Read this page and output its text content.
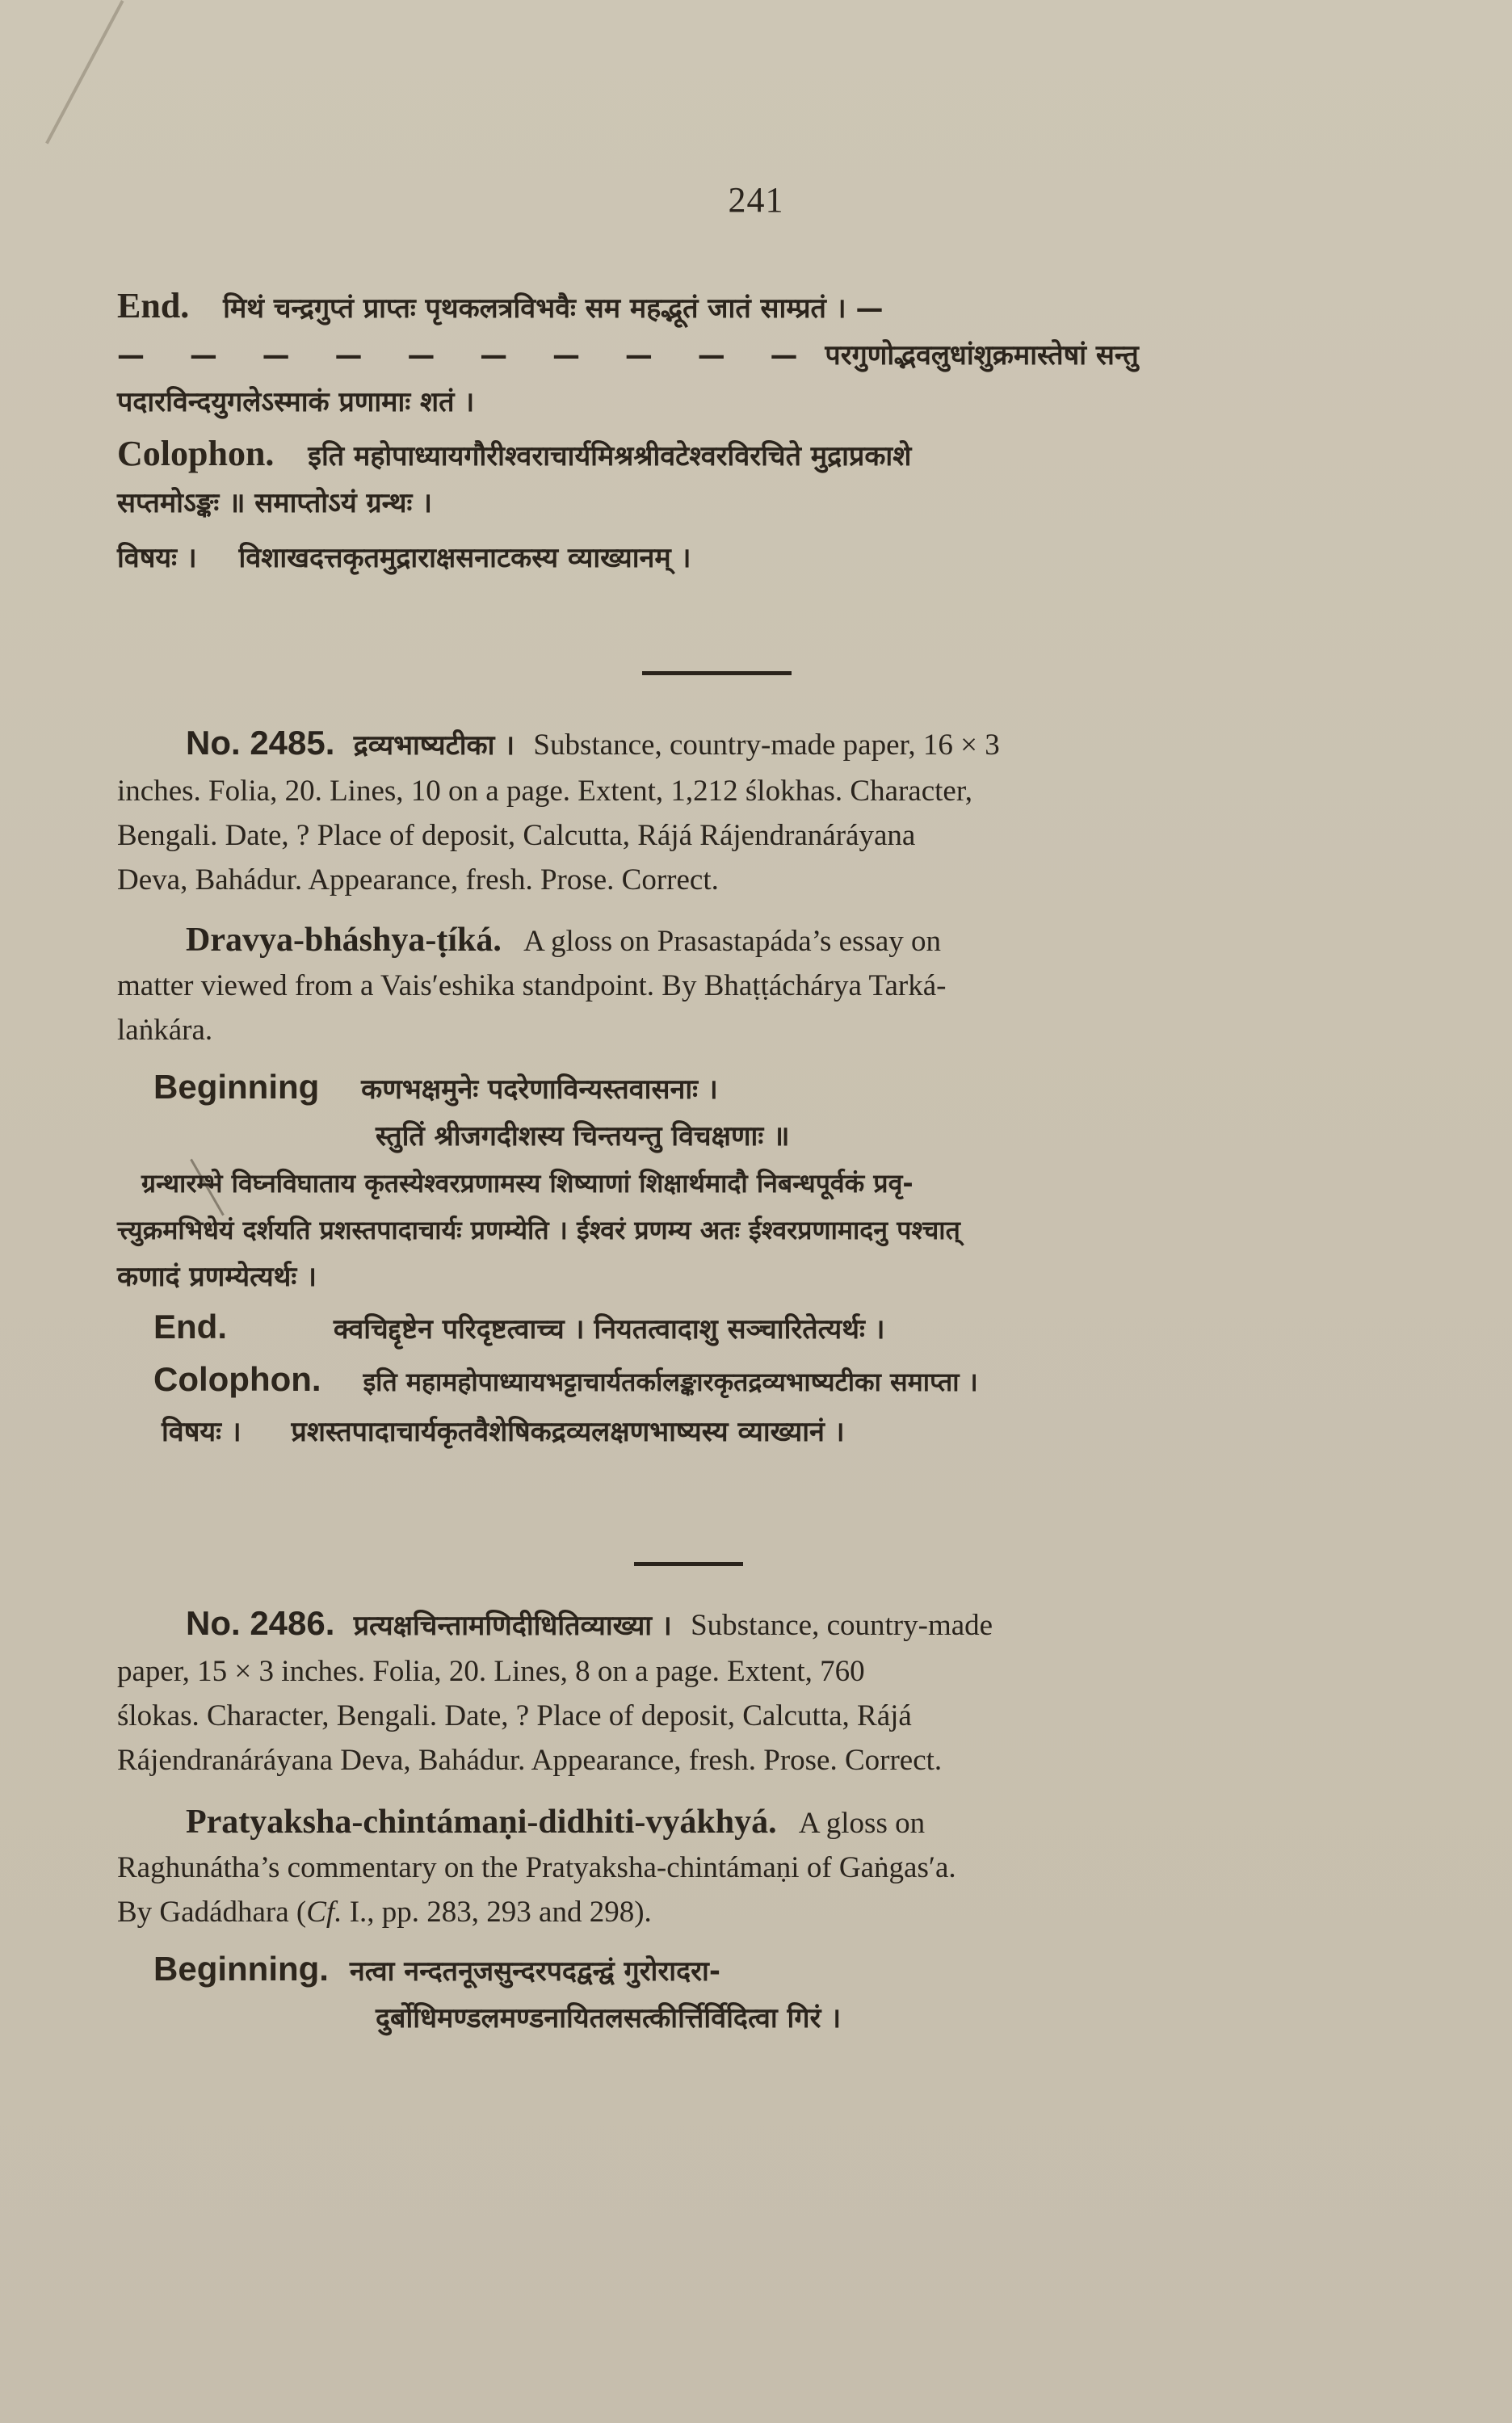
241

End. मिथं चन्द्रगुप्तं प्राप्तः पृथकलत्रविभवैः सम महद्भूतं जातं साम्प्रतं । —

— — — — — — — — — — परगुणोद्भवलुधांशुक्रमास्तेषां सन्तु

पदारविन्दयुगलेऽस्माकं प्रणामाः शतं ।

Colophon. इति महोपाध्यायगौरीश्वराचार्यमिश्रश्रीवटेश्वरविरचिते मुद्राप्रकाशे

सप्तमोऽङ्कः ॥ समाप्तोऽयं ग्रन्थः ।

विषयः । विशाखदत्तकृतमुद्राराक्षसनाटकस्य व्याख्यानम् ।

No. 2485. द्रव्यभाष्यटीका । Substance, country-made paper, 16 × 3
inches. Folia, 20. Lines, 10 on a page. Extent, 1,212 ślokhas. Character,
Bengali. Date, ? Place of deposit, Calcutta, Rájá Rájendranáráyana
Deva, Bahádur. Appearance, fresh. Prose. Correct.

Dravya-bháshya-ṭíká. A gloss on Prasastapáda’s essay on
matter viewed from a Vais′eshika standpoint. By Bhaṭṭáchárya Tarká-
laṅkára.

Beginning कणभक्षमुनेः पदरेणाविन्यस्तवासनाः ।

स्तुतिं श्रीजगदीशस्य चिन्तयन्तु विचक्षणाः ॥

ग्रन्थारम्भे विघ्नविघाताय कृतस्येश्वरप्रणामस्य शिष्याणां शिक्षार्थमादौ निबन्धपूर्वकं प्रवृ-

त्त्युक्रमभिधेयं दर्शयति प्रशस्तपादाचार्यः प्रणम्येति । ईश्वरं प्रणम्य अतः ईश्वरप्रणामादनु पश्चात्

कणादं प्रणम्येत्यर्थः ।

End.	क्वचिद्दृष्टेन परिदृष्टत्वाच्च । नियतत्वादाशु सञ्चारितेत्यर्थः ।

Colophon. इति महामहोपाध्यायभट्टाचार्यतर्कालङ्कारकृतद्रव्यभाष्यटीका समाप्ता ।

विषयः । प्रशस्तपादाचार्यकृतवैशेषिकद्रव्यलक्षणभाष्यस्य व्याख्यानं ।

No. 2486. प्रत्यक्षचिन्तामणिदीधितिव्याख्या । Substance, country-made
paper, 15 × 3 inches. Folia, 20. Lines, 8 on a page. Extent, 760
ślokas. Character, Bengali. Date, ? Place of deposit, Calcutta, Rájá
Rájendranáráyana Deva, Bahádur. Appearance, fresh. Prose. Correct.

Pratyaksha-chintámaṇi-didhiti-vyákhyá. A gloss on
Raghunátha’s commentary on the Pratyaksha-chintámaṇi of Gaṅgas′a.
By Gadádhara (Cf. I., pp. 283, 293 and 298).

Beginning. नत्वा नन्दतनूजसुन्दरपदद्वन्द्वं गुरोरादरा-

दुर्बोधिमण्डलमण्डनायितलसत्कीर्त्तिर्विदित्वा गिरं ।
